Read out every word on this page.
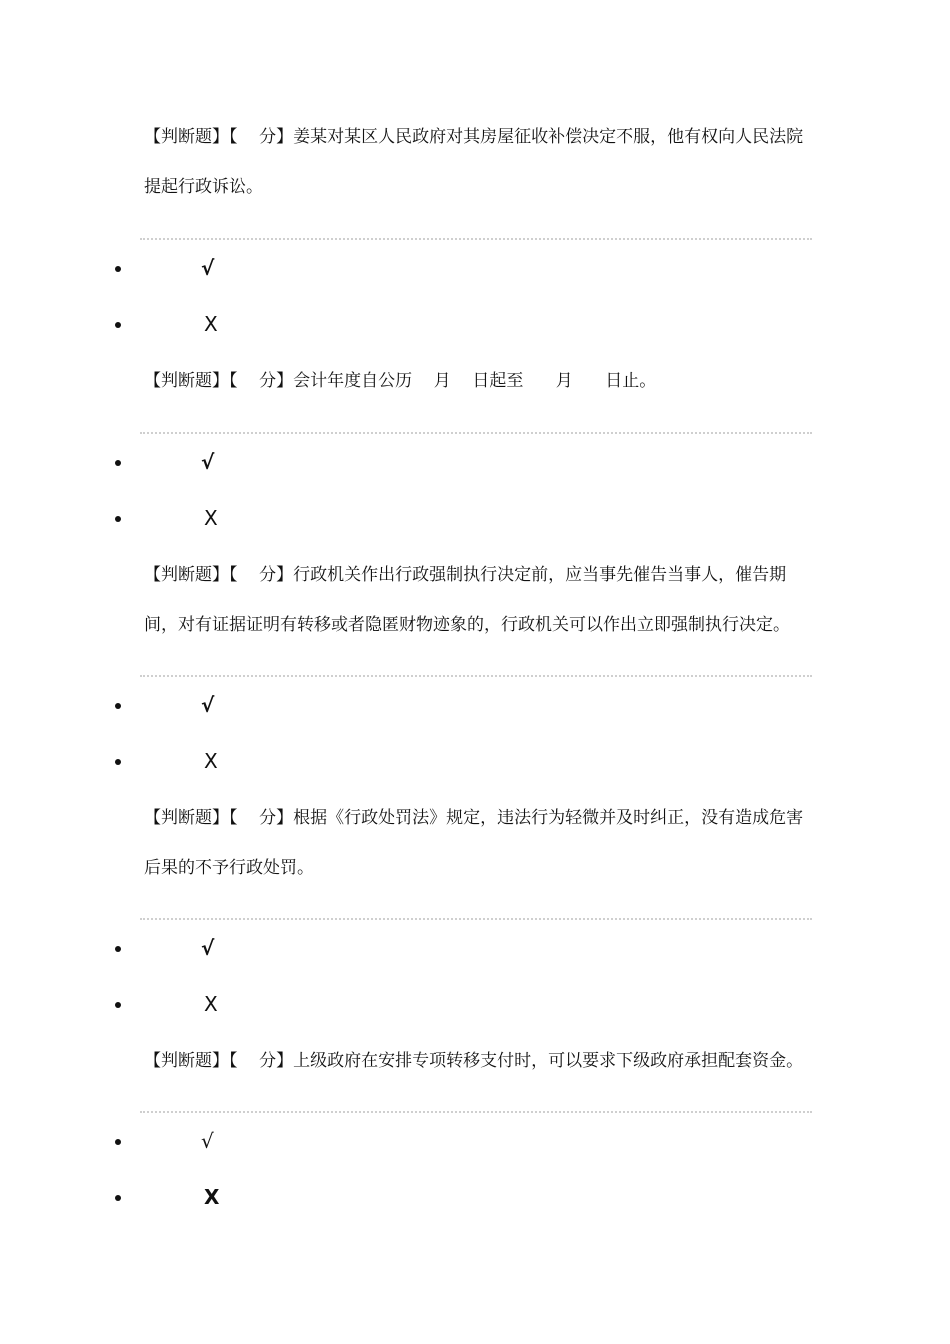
【判断题】【    分】姜某对某区人民政府对其房屋征收补偿决定不服，他有权向人民法院提起行政诉讼。

√
X

【判断题】【    分】会计年度自公历    月    日起至      月      日止。

√
X

【判断题】【    分】行政机关作出行政强制执行决定前，应当事先催告当事人，催告期间，对有证据证明有转移或者隐匿财物迹象的，行政机关可以作出立即强制执行决定。

√
X

【判断题】【    分】根据《行政处罚法》规定，违法行为轻微并及时纠正，没有造成危害后果的不予行政处罚。

√
X

【判断题】【    分】上级政府在安排专项转移支付时，可以要求下级政府承担配套资金。

√
X
